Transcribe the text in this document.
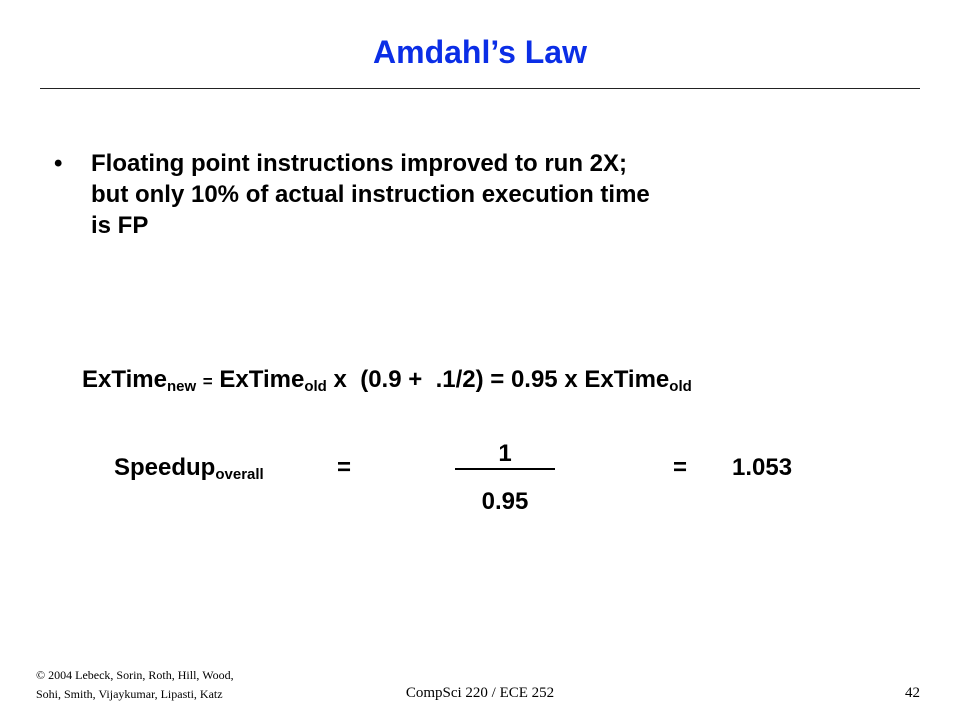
Amdahl’s Law
• Floating point instructions improved to run 2X;
but only 10% of actual instruction execution time
is FP
ExTime$_{new}$ = ExTime$_{old}$ x  (0.9 +  .1/2) = 0.95 x ExTime$_{old}$
Speedup$_{overall}$	=
1
0.95
= 1.053
© 2004 Lebeck, Sorin, Roth, Hill, Wood,
Sohi, Smith, Vijaykumar, Lipasti, Katz	CompSci 220 / ECE 252	42
